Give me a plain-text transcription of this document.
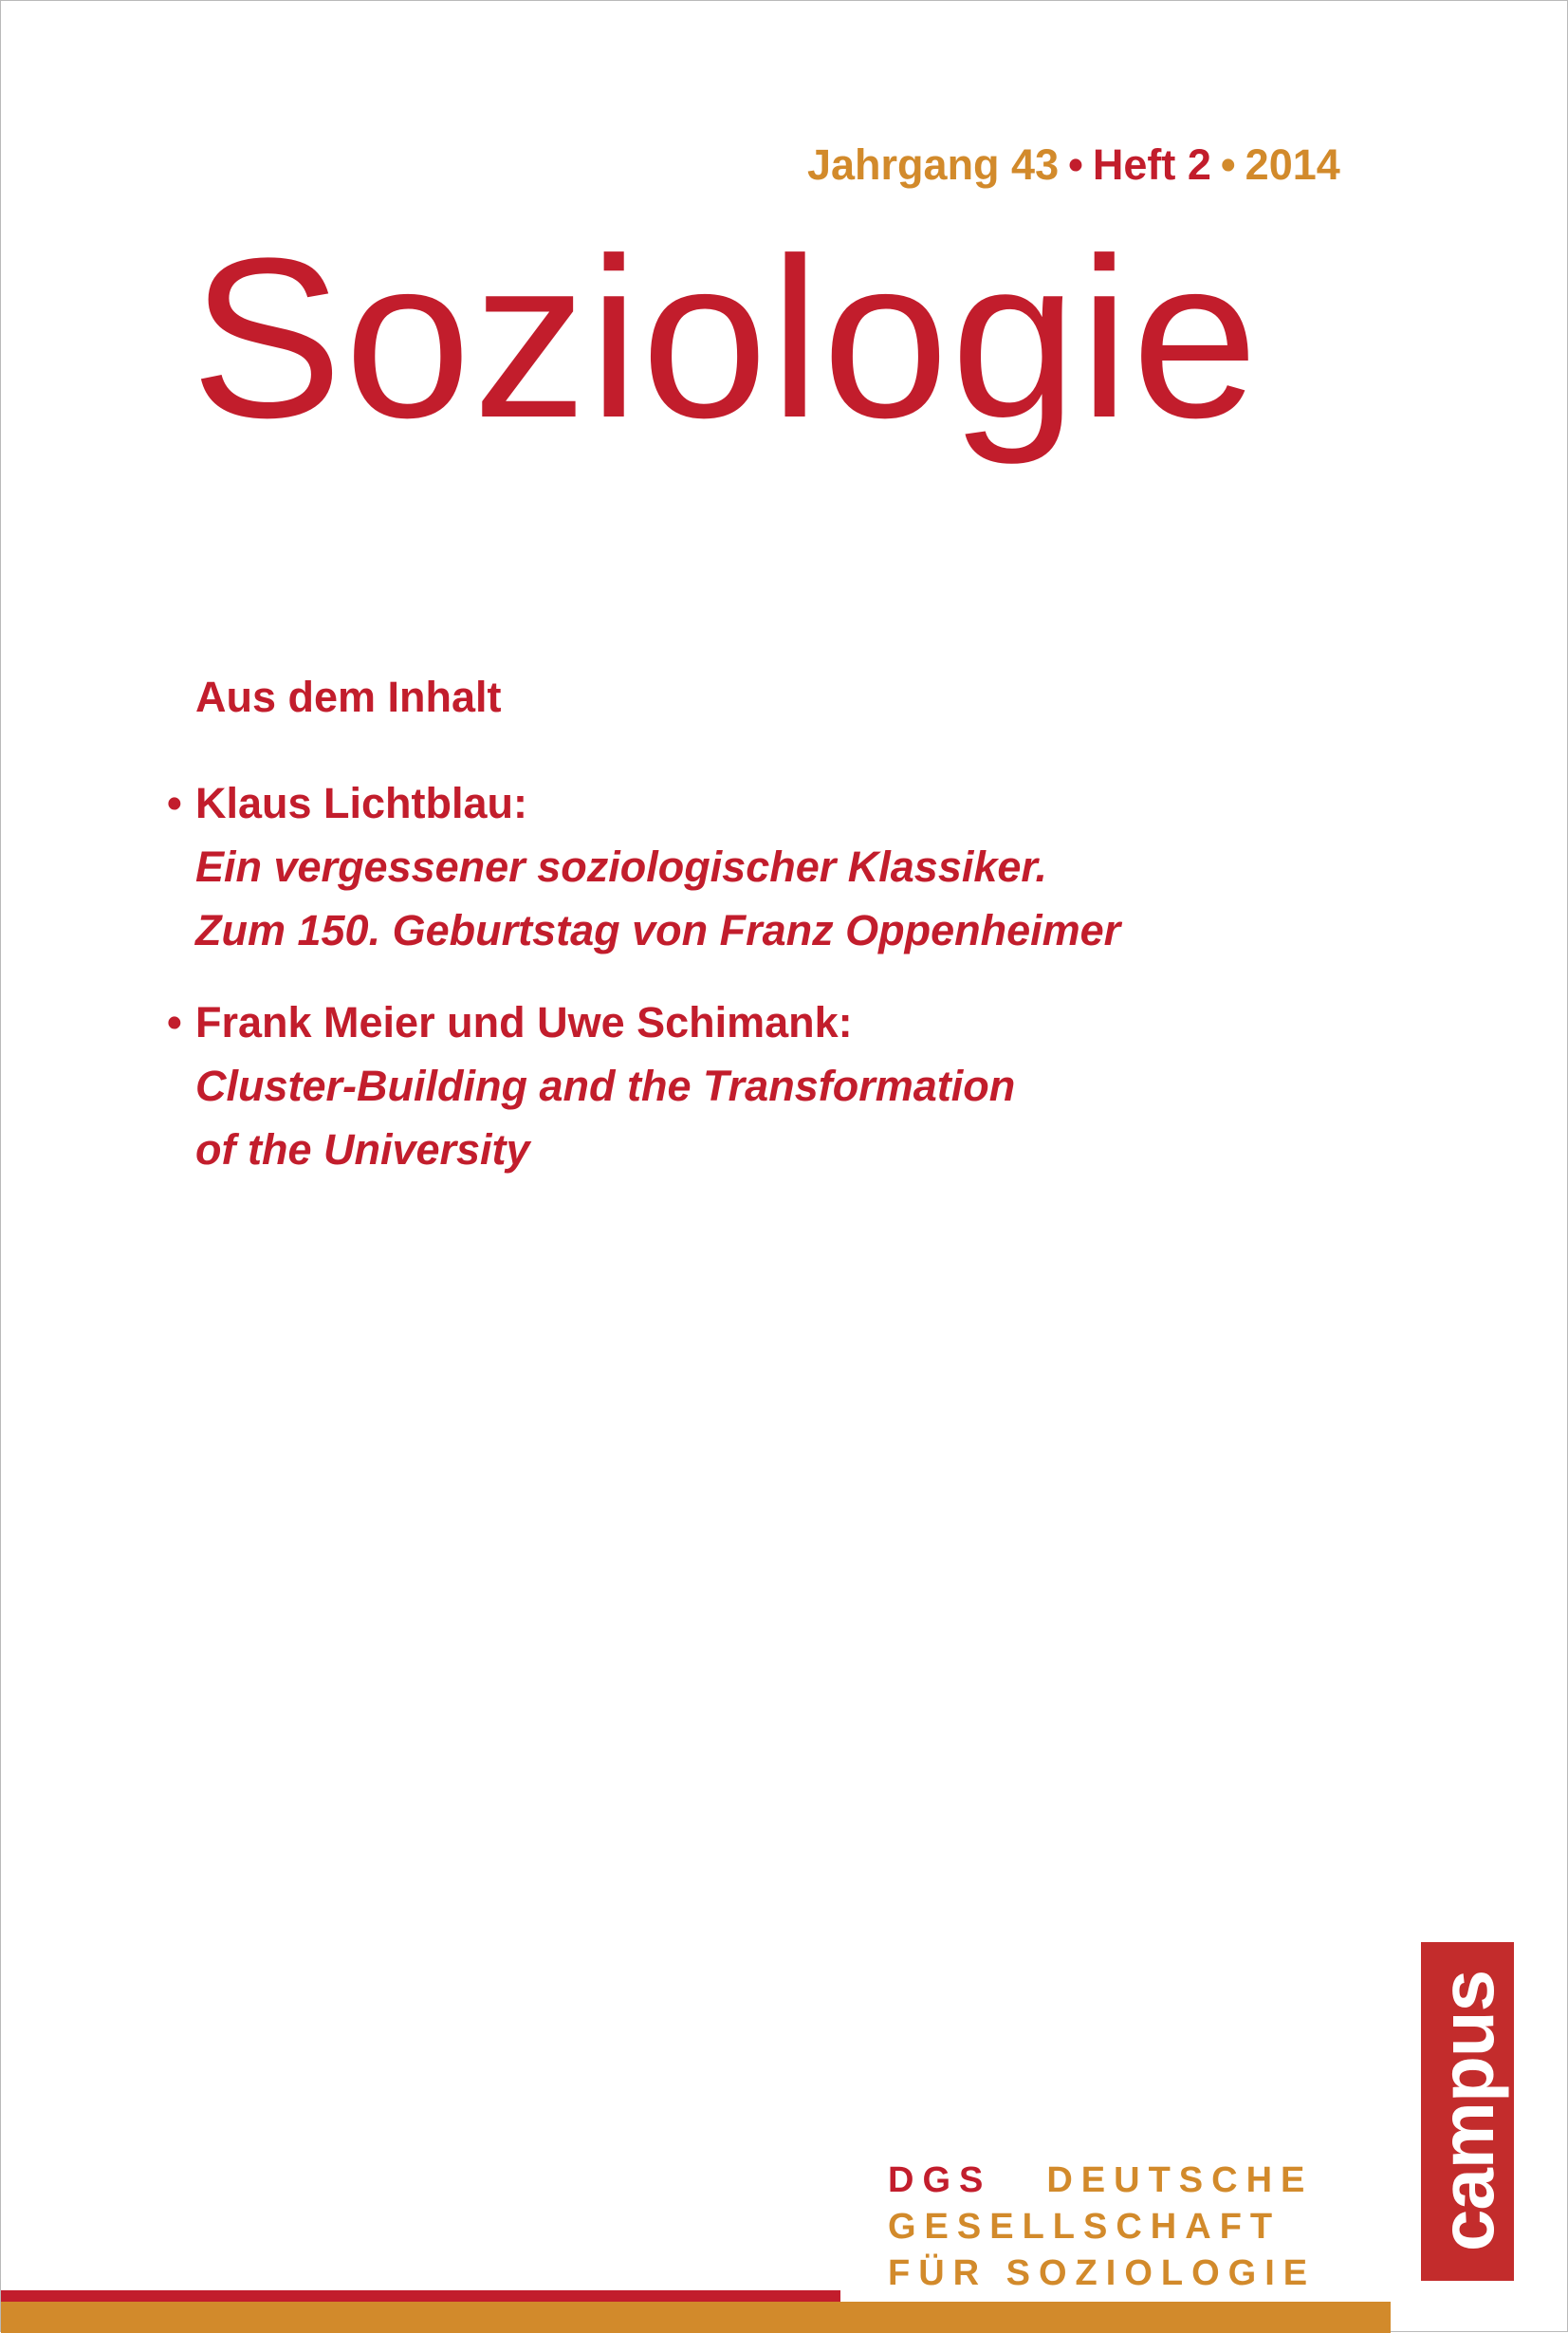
Jahrgang 43 • Heft 2 • 2014
Soziologie
Aus dem Inhalt
• Klaus Lichtblau:
Ein vergessener soziologischer Klassiker.
Zum 150. Geburtstag von Franz Oppenheimer
• Frank Meier und Uwe Schimank:
Cluster-Building and the Transformation
of the University
DGS DEUTSCHE
GESELLSCHAFT
FÜR SOZIOLOGIE
campus
